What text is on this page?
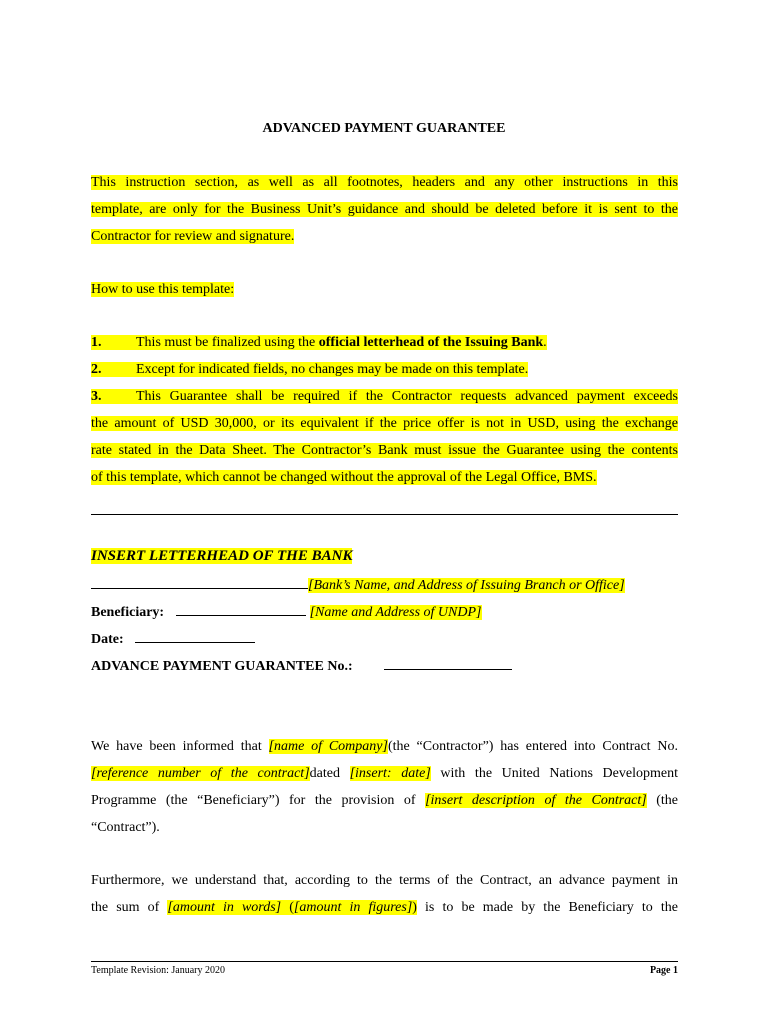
ADVANCED PAYMENT GUARANTEE
This instruction section, as well as all footnotes, headers and any other instructions in this
template, are only for the Business Unit’s guidance and should be deleted before it is sent to the
Contractor for review and signature.
How to use this template:
1. This must be finalized using the official letterhead of the Issuing Bank.
2. Except for indicated fields, no changes may be made on this template.
3. This Guarantee shall be required if the Contractor requests advanced payment exceeds
the amount of USD 30,000, or its equivalent if the price offer is not in USD, using the exchange
rate stated in the Data Sheet. The Contractor’s Bank must issue the Guarantee using the contents
of this template, which cannot be changed without the approval of the Legal Office, BMS.
INSERT LETTERHEAD OF THE BANK
[Bank’s Name, and Address of Issuing Branch or Office]
Beneficiary:	[Name and Address of UNDP]
Date:
ADVANCE PAYMENT GUARANTEE No.:
We have been informed that [name of Company](the “Contractor”) has entered into Contract No.
[reference number of the contract]dated [insert: date] with the United Nations Development
Programme (the “Beneficiary”) for the provision of [insert description of the Contract] (the
“Contract”).
Furthermore, we understand that, according to the terms of the Contract, an advance payment in
the sum of [amount in words] ([amount in figures]) is to be made by the Beneficiary to the
Template Revision: January 2020	Page 1
